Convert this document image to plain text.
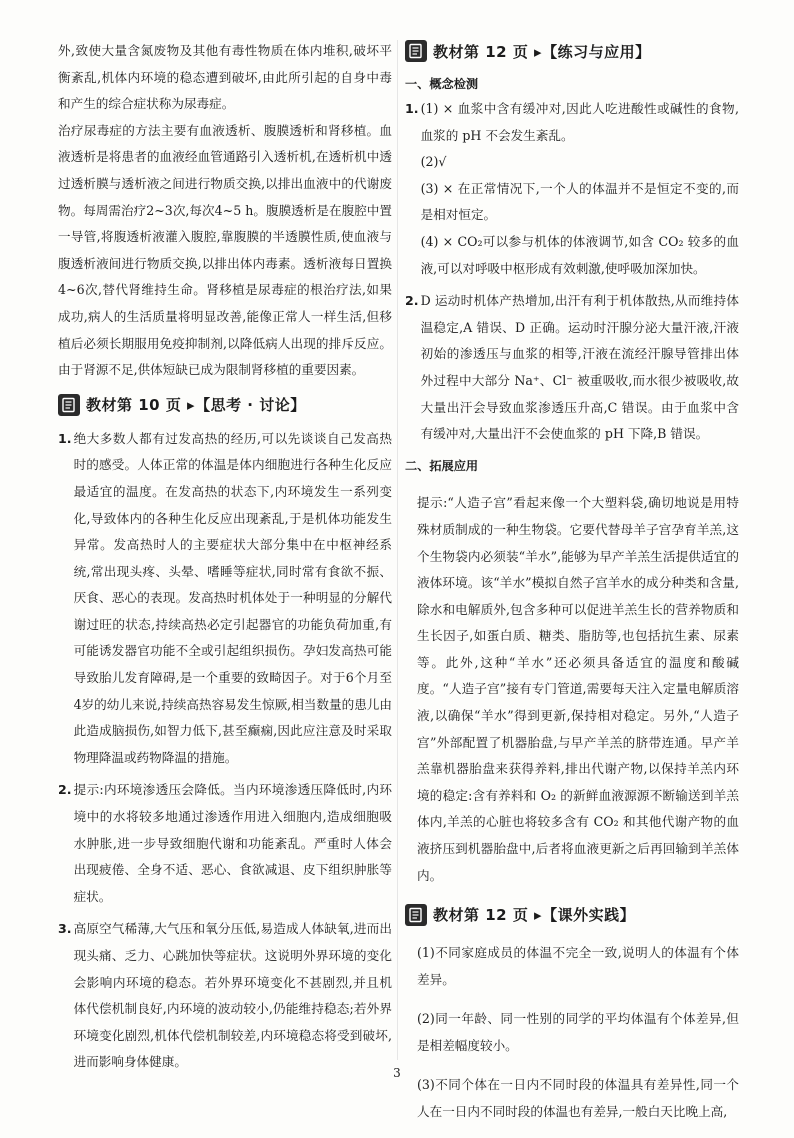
外,致使大量含氮废物及其他有毒性物质在体内堆积,破坏平衡紊乱,机体内环境的稳态遭到破坏,由此所引起的自身中毒和产生的综合症状称为尿毒症。

治疗尿毒症的方法主要有血液透析、腹膜透析和肾移植。血液透析是将患者的血液经血管通路引入透析机,在透析机中透过透析膜与透析液之间进行物质交换,以排出血液中的代谢废物。每周需治疗2~3次,每次4~5 h。腹膜透析是在腹腔中置一导管,将腹透析液灌入腹腔,靠腹膜的半透膜性质,使血液与腹透析液间进行物质交换,以排出体内毒素。透析液每日置换4~6次,替代肾维持生命。肾移植是尿毒症的根治疗法,如果成功,病人的生活质量将明显改善,能像正常人一样生活,但移植后必须长期服用免疫抑制剂,以降低病人出现的排斥反应。由于肾源不足,供体短缺已成为限制肾移植的重要因素。

教材第 10 页 ▸【思考 · 讨论】
1. 绝大多数人都有过发高热的经历,可以先谈谈自己发高热时的感受。人体正常的体温是体内细胞进行各种生化反应最适宜的温度。在发高热的状态下,内环境发生一系列变化,导致体内的各种生化反应出现紊乱,于是机体功能发生异常。发高热时人的主要症状大部分集中在中枢神经系统,常出现头疼、头晕、嗜睡等症状,同时常有食欲不振、厌食、恶心的表现。发高热时机体处于一种明显的分解代谢过旺的状态,持续高热必定引起器官的功能负荷加重,有可能诱发器官功能不全或引起组织损伤。孕妇发高热可能导致胎儿发育障碍,是一个重要的致畸因子。对于6个月至4岁的幼儿来说,持续高热容易发生惊厥,相当数量的患儿由此造成脑损伤,如智力低下,甚至癫痫,因此应注意及时采取物理降温或药物降温的措施。
2. 提示:内环境渗透压会降低。当内环境渗透压降低时,内环境中的水将较多地通过渗透作用进入细胞内,造成细胞吸水肿胀,进一步导致细胞代谢和功能紊乱。严重时人体会出现疲倦、全身不适、恶心、食欲减退、皮下组织肿胀等症状。
3. 高原空气稀薄,大气压和氧分压低,易造成人体缺氧,进而出现头痛、乏力、心跳加快等症状。这说明外界环境的变化会影响内环境的稳态。若外界环境变化不甚剧烈,并且机体代偿机制良好,内环境的波动较小,仍能维持稳态;若外界环境变化剧烈,机体代偿机制较差,内环境稳态将受到破坏,进而影响身体健康。
教材第 12 页 ▸【练习与应用】

一、概念检测

1. (1) × 血浆中含有缓冲对,因此人吃进酸性或碱性的食物,血浆的 pH 不会发生紊乱。
(2)√
(3) × 在正常情况下,一个人的体温并不是恒定不变的,而是相对恒定。
(4) × CO₂可以参与机体的体液调节,如含 CO₂ 较多的血液,可以对呼吸中枢形成有效刺激,使呼吸加深加快。
2. D 运动时机体产热增加,出汗有利于机体散热,从而维持体温稳定,A 错误、D 正确。运动时汗腺分泌大量汗液,汗液初始的渗透压与血浆的相等,汗液在流经汗腺导管排出体外过程中大部分 Na⁺、Cl⁻ 被重吸收,而水很少被吸收,故大量出汗会导致血浆渗透压升高,C 错误。由于血浆中含有缓冲对,大量出汗不会使血浆的 pH 下降,B 错误。

二、拓展应用

提示:“人造子宫”看起来像一个大塑料袋,确切地说是用特殊材质制成的一种生物袋。它要代替母羊子宫孕育羊羔,这个生物袋内必须装“羊水”,能够为早产羊羔生活提供适宜的液体环境。该“羊水”模拟自然子宫羊水的成分种类和含量,除水和电解质外,包含多种可以促进羊羔生长的营养物质和生长因子,如蛋白质、糖类、脂肪等,也包括抗生素、尿素等。此外,这种“羊水”还必须具备适宜的温度和酸碱度。“人造子宫”接有专门管道,需要每天注入定量电解质溶液,以确保“羊水”得到更新,保持相对稳定。另外,“人造子宫”外部配置了机器胎盘,与早产羊羔的脐带连通。早产羊羔靠机器胎盘来获得养料,排出代谢产物,以保持羊羔内环境的稳定:含有养料和 O₂ 的新鲜血液源源不断输送到羊羔体内,羊羔的心脏也将较多含有 CO₂ 和其他代谢产物的血液挤压到机器胎盘中,后者将血液更新之后再回输到羊羔体内。

教材第 12 页 ▸【课外实践】

(1)不同家庭成员的体温不完全一致,说明人的体温有个体差异。

(2)同一年龄、同一性别的同学的平均体温有个体差异,但是相差幅度较小。

(3)不同个体在一日内不同时段的体温具有差异性,同一个人在一日内不同时段的体温也有差异,一般白天比晚上高,

3
